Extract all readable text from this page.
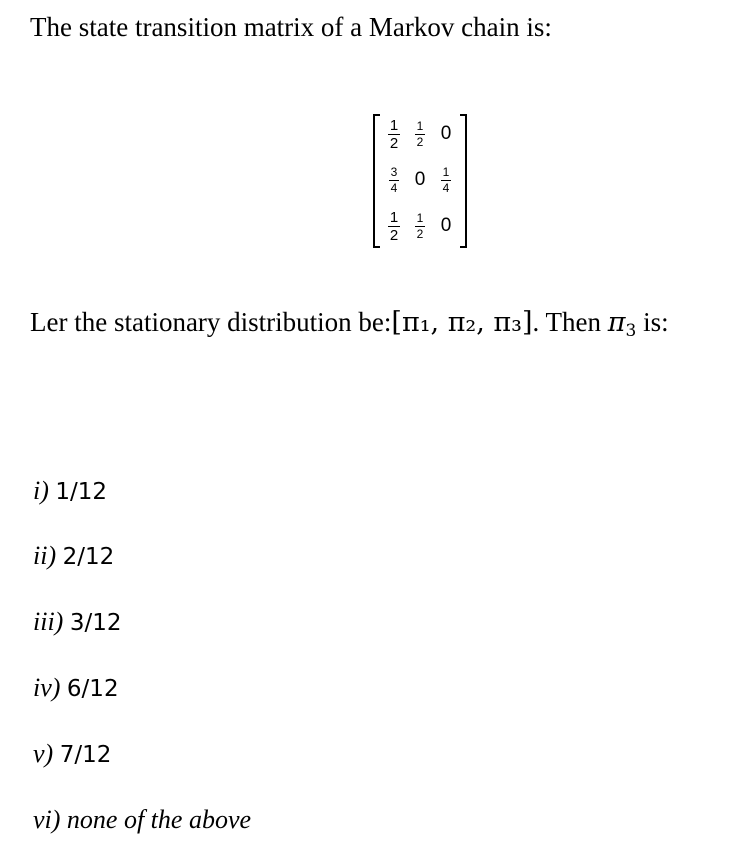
The state transition matrix of a Markov chain is:

$\frac{1}{2} \frac{1}{2} 0$
$\frac{3}{4} 0$	$\frac{1}{4}$
$\frac{1}{2} \frac{1}{2} 0$

Ler the stationary distribution be:[π₁, π₂, π₃]. Then $\pi_3$ is:

i) 1/12

ii) 2/12

iii) 3/12

iv) 6/12

v) 7/12

vi) none of the above
